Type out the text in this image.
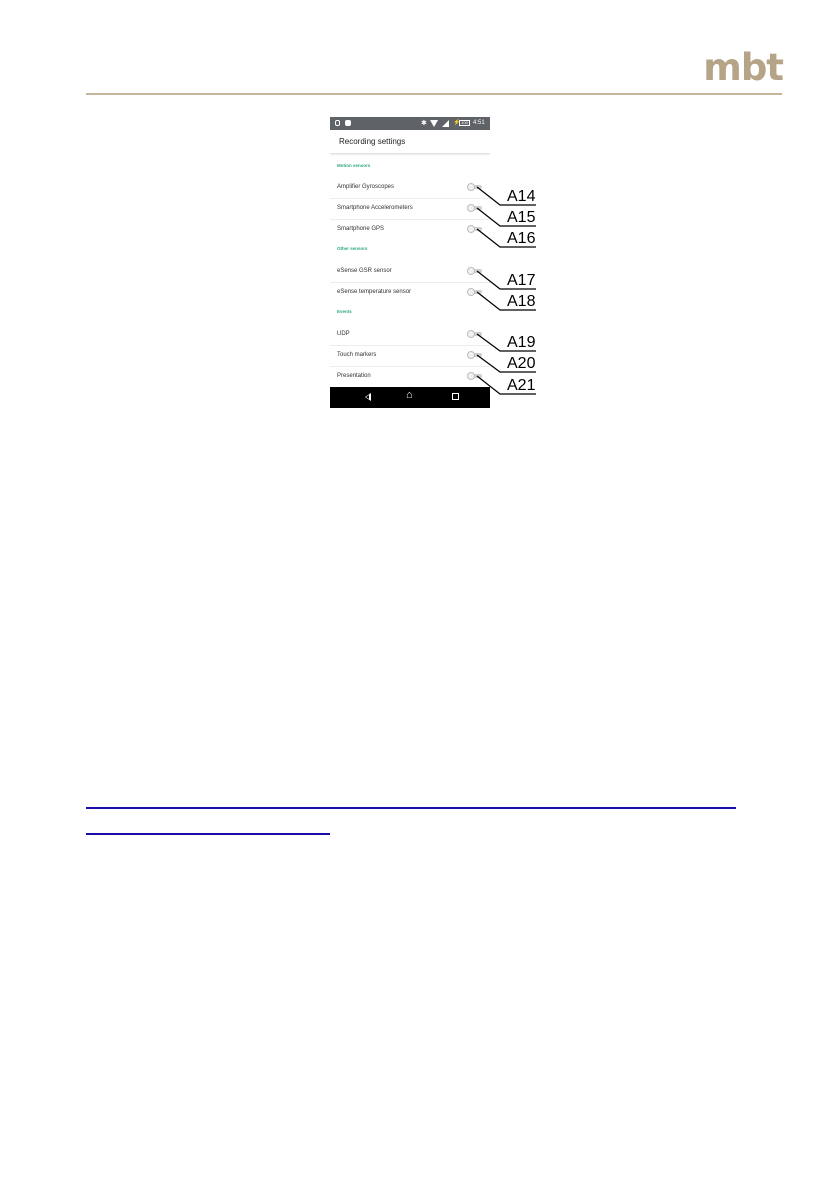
mbt
✱	⚡ 100 4:51
Recording settings
Motion sensors
Amplifier Gyroscopes
Smartphone Accelerometers
Smartphone GPS
Other sensors
eSense GSR sensor
eSense temperature sensor
Events
UDP
Touch markers
Presentation
⌂
A14
A15
A16
A17
A18
A19
A20
A21
